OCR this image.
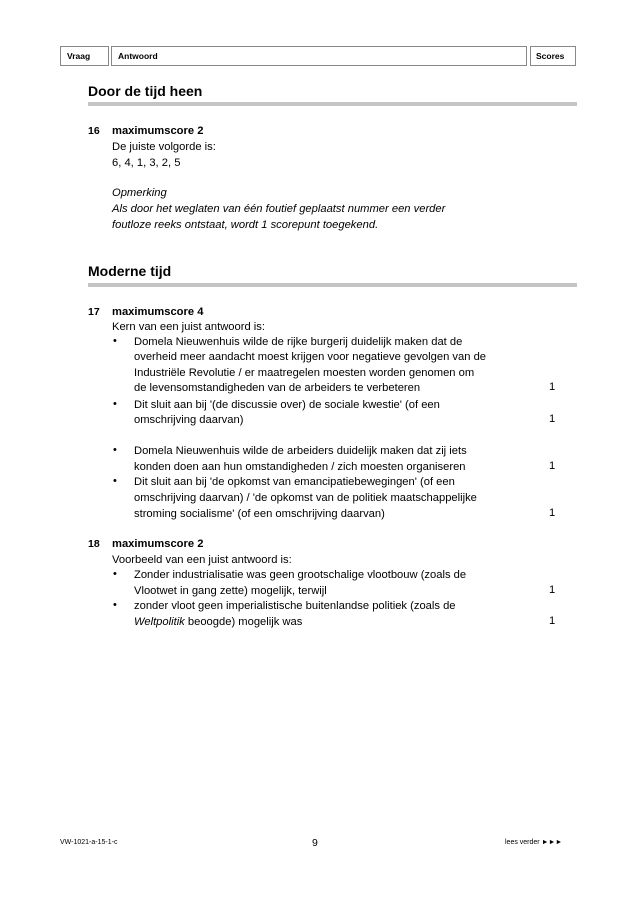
Vraag	Antwoord	Scores
Door de tijd heen
16 maximumscore 2
De juiste volgorde is:
6, 4, 1, 3, 2, 5
Opmerking
Als door het weglaten van één foutief geplaatst nummer een verder
foutloze reeks ontstaat, wordt 1 scorepunt toegekend.
Moderne tijd
17 maximumscore 4
Kern van een juist antwoord is:
• Domela Nieuwenhuis wilde de rijke burgerij duidelijk maken dat de
overheid meer aandacht moest krijgen voor negatieve gevolgen van de
Industriële Revolutie / er maatregelen moesten worden genomen om
de levensomstandigheden van de arbeiders te verbeteren	1
• Dit sluit aan bij '(de discussie over) de sociale kwestie' (of een
omschrijving daarvan)	1
• Domela Nieuwenhuis wilde de arbeiders duidelijk maken dat zij iets
konden doen aan hun omstandigheden / zich moesten organiseren	1
• Dit sluit aan bij 'de opkomst van emancipatiebewegingen' (of een
omschrijving daarvan) / 'de opkomst van de politiek maatschappelijke
stroming socialisme' (of een omschrijving daarvan)	1
18 maximumscore 2
Voorbeeld van een juist antwoord is:
• Zonder industrialisatie was geen grootschalige vlootbouw (zoals de
Vlootwet in gang zette) mogelijk, terwijl	1
• zonder vloot geen imperialistische buitenlandse politiek (zoals de
Weltpolitik beoogde) mogelijk was	1
VW-1021-a-15-1-c	9	lees verder ►►►
